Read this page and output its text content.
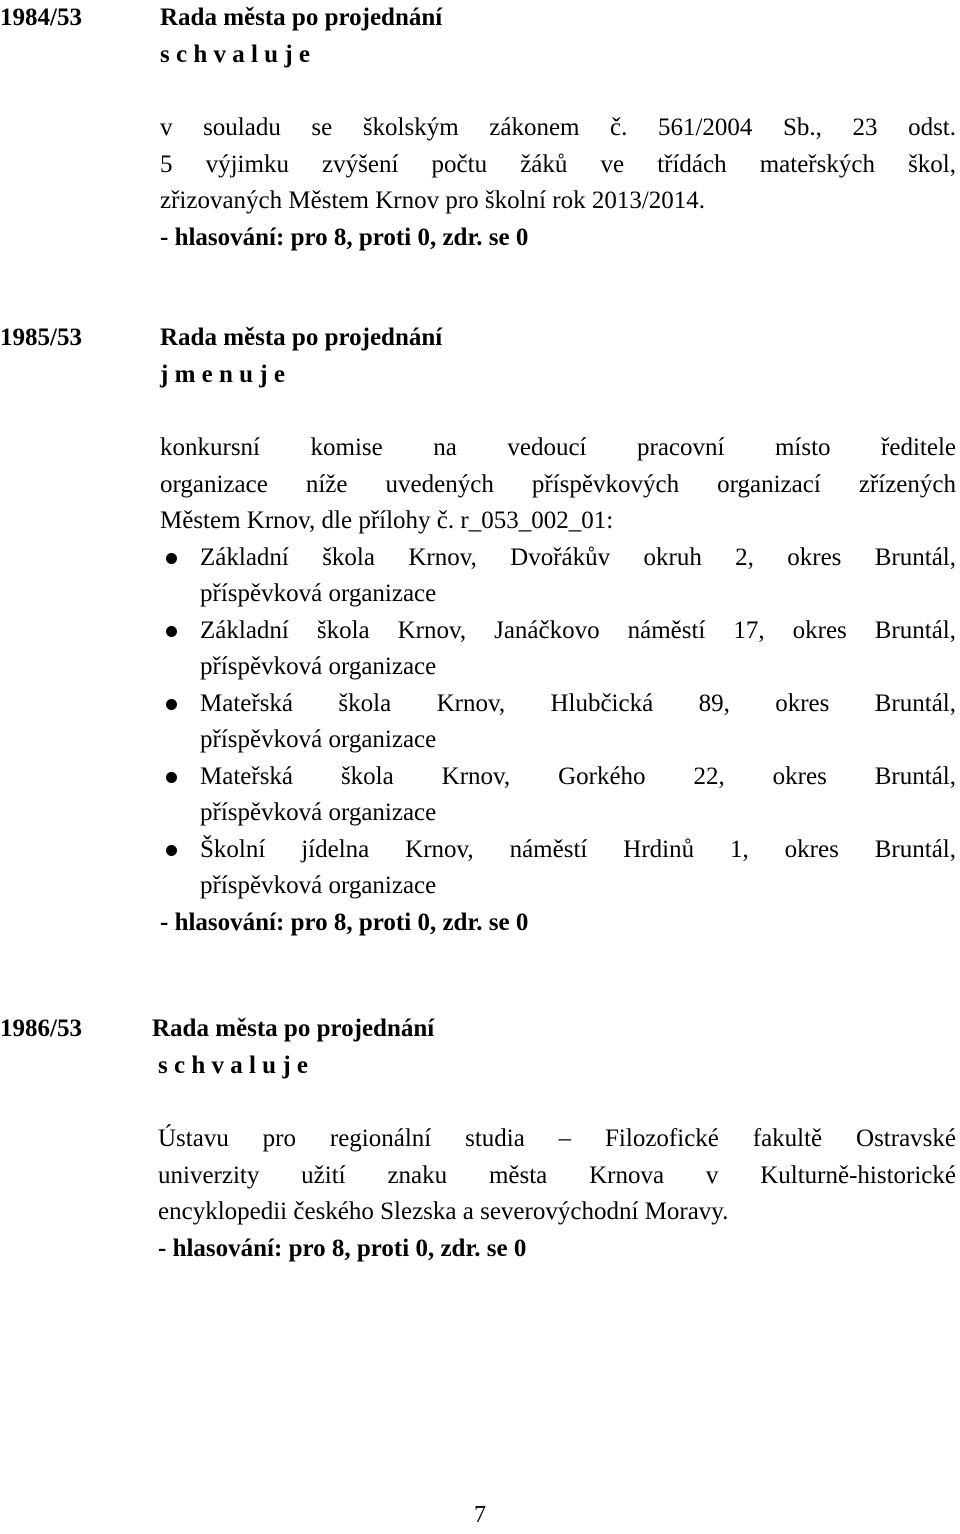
1984/53	Rada města po projednání
s c h v a l u j e
v souladu se školským zákonem č. 561/2004 Sb., 23 odst.
5 výjimku zvýšení počtu žáků ve třídách mateřských škol,
zřizovaných Městem Krnov pro školní rok 2013/2014.
- hlasování: pro 8, proti 0, zdr. se 0
1985/53	Rada města po projednání
j m e n u j e
konkursní komise na vedoucí pracovní místo ředitele
organizace níže uvedených příspěvkových organizací zřízených
Městem Krnov, dle přílohy č. r_053_002_01:
Základní škola Krnov, Dvořákův okruh 2, okres Bruntál,
příspěvková organizace
Základní škola Krnov, Janáčkovo náměstí 17, okres Bruntál,
příspěvková organizace
Mateřská škola Krnov, Hlubčická 89, okres Bruntál,
příspěvková organizace
Mateřská škola Krnov, Gorkého 22, okres Bruntál,
příspěvková organizace
Školní jídelna Krnov, náměstí Hrdinů 1, okres Bruntál,
příspěvková organizace
- hlasování: pro 8, proti 0, zdr. se 0
1986/53	Rada města po projednání
s c h v a l u j e
Ústavu pro regionální studia – Filozofické fakultě Ostravské
univerzity užití znaku města Krnova v Kulturně-historické
encyklopedii českého Slezska a severovýchodní Moravy.
- hlasování: pro 8, proti 0, zdr. se 0
7
